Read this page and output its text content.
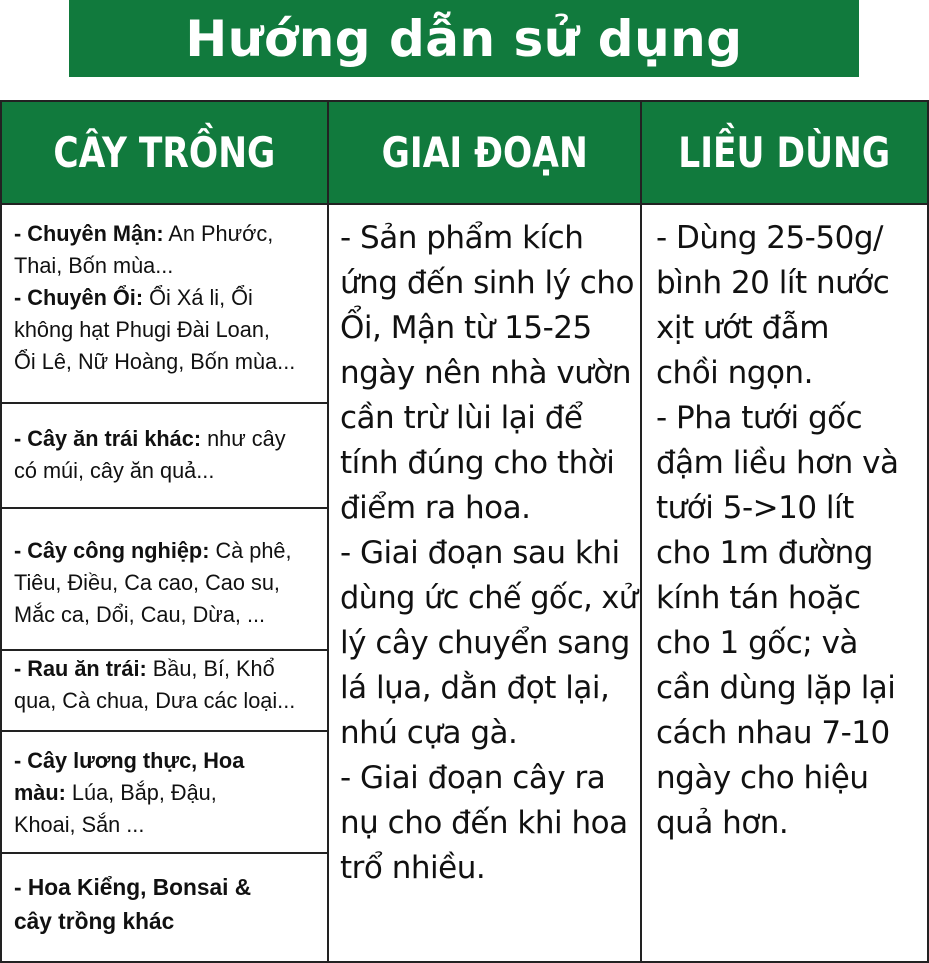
Hướng dẫn sử dụng
CÂY TRỒNG	GIAI ĐOẠN LIỀU DÙNG
- Chuyên Mận: An Phước,
Thai, Bốn mùa...
- Chuyên Ổi: Ổi Xá li, Ổi
không hạt Phugi Đài Loan,
Ổi Lê, Nữ Hoàng, Bốn mùa...
- Cây ăn trái khác: như cây
có múi, cây ăn quả...
- Cây công nghiệp: Cà phê,
Tiêu, Điều, Ca cao, Cao su,
Mắc ca, Dổi, Cau, Dừa, ...
- Rau ăn trái: Bầu, Bí, Khổ
qua, Cà chua, Dưa các loại...
- Cây lương thực, Hoa
màu: Lúa, Bắp, Đậu,
Khoai, Sắn ...
- Hoa Kiểng, Bonsai &
cây trồng khác
- Sản phẩm kích
ứng đến sinh lý cho
Ổi, Mận từ 15-25
ngày nên nhà vườn
cần trừ lùi lại để
tính đúng cho thời
điểm ra hoa.
- Giai đoạn sau khi
dùng ức chế gốc, xử
lý cây chuyển sang
lá lụa, dằn đọt lại,
nhú cựa gà.
- Giai đoạn cây ra
nụ cho đến khi hoa
trổ nhiều.
- Dùng 25-50g/
bình 20 lít nước
xịt ướt đẫm
chồi ngọn.
- Pha tưới gốc
đậm liều hơn và
tưới 5->10 lít
cho 1m đường
kính tán hoặc
cho 1 gốc; và
cần dùng lặp lại
cách nhau 7-10
ngày cho hiệu
quả hơn.
